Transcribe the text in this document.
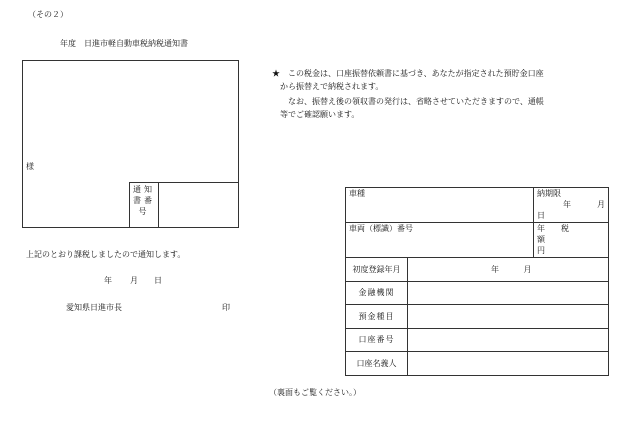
（その２）
年度　日進市軽自動車税納税通知書
様
通知書番号
★　 この税金は、口座振替依頼書に基づき、あなたが指定された預貯金口座
から振替えで納税されます。
なお、振替え後の領収書の発行は、省略させていただきますので、通帳
等でご確認願います。
上記のとおり課税しましたので通知します。
年 月 日
愛知県日進市長	印
車種		納期限
年 月
日

車両（標識）番号		年税額
円

初度登録年月	年 月	
金融機関		
預金種目		
口座番号		
口座名義人		
（裏面もご覧ください。）
